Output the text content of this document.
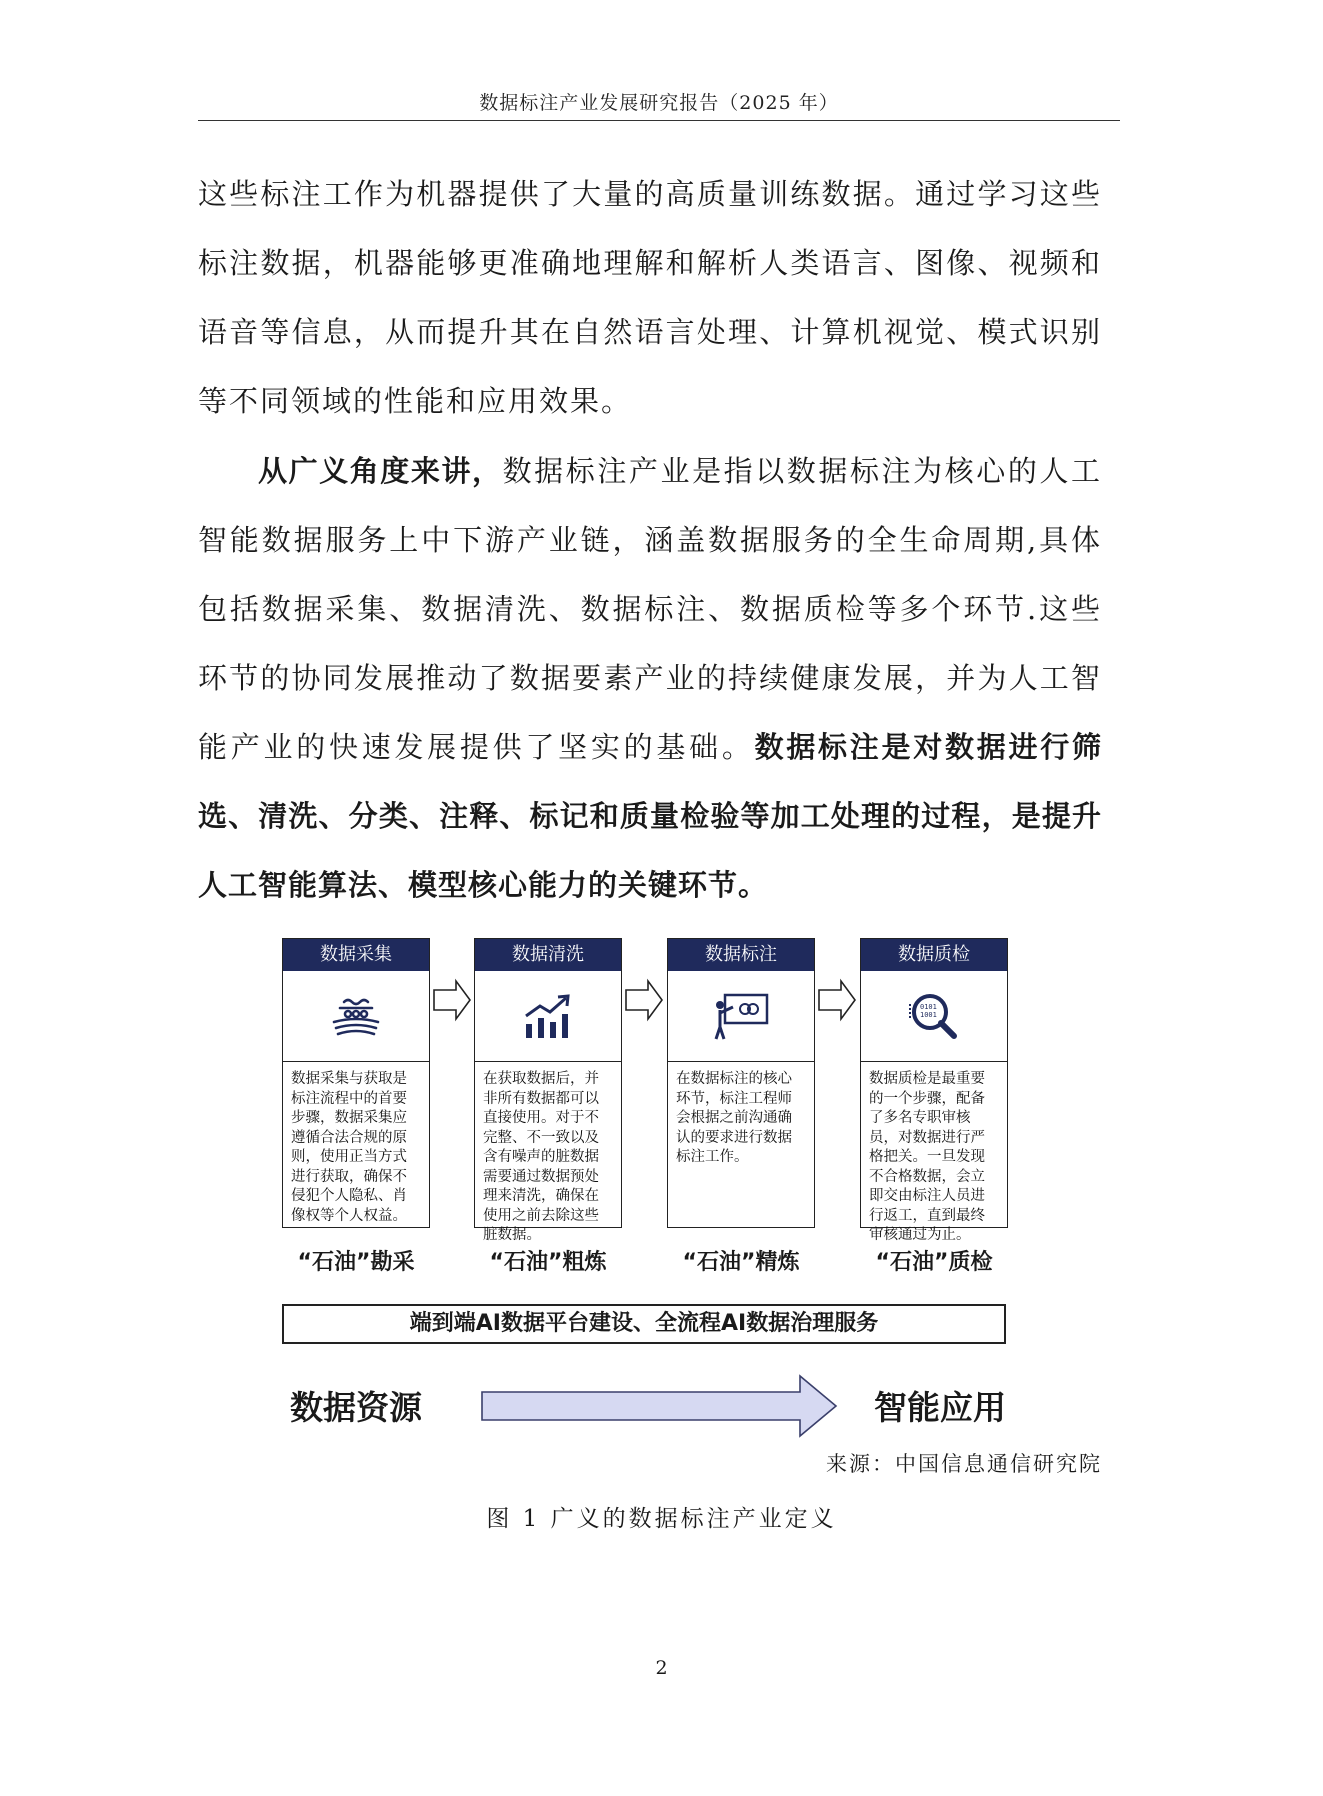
数据标注产业发展研究报告（2025 年）
这些标注工作为机器提供了大量的高质量训练数据。通过学习这些标注数据，机器能够更准确地理解和解析人类语言、图像、视频和语音等信息，从而提升其在自然语言处理、计算机视觉、模式识别等不同领域的性能和应用效果。
从广义角度来讲，数据标注产业是指以数据标注为核心的人工智能数据服务上中下游产业链，涵盖数据服务的全生命周期,具体包括数据采集、数据清洗、数据标注、数据质检等多个环节.这些环节的协同发展推动了数据要素产业的持续健康发展，并为人工智能产业的快速发展提供了坚实的基础。数据标注是对数据进行筛选、清洗、分类、注释、标记和质量检验等加工处理的过程，是提升人工智能算法、模型核心能力的关键环节。
数据采集
数据采集与获取是标注流程中的首要步骤，数据采集应遵循合法合规的原则，使用正当方式进行获取，确保不侵犯个人隐私、肖像权等个人权益。
数据清洗
在获取数据后，并非所有数据都可以直接使用。对于不完整、不一致以及含有噪声的脏数据需要通过数据预处理来清洗，确保在使用之前去除这些脏数据。
数据标注
在数据标注的核心环节，标注工程师会根据之前沟通确认的要求进行数据标注工作。
数据质检
0101
1001
数据质检是最重要的一个步骤，配备了多名专职审核员，对数据进行严格把关。一旦发现不合格数据，会立即交由标注人员进行返工，直到最终审核通过为止。
“石油”勘采	“石油”粗炼	“石油”精炼	“石油”质检
端到端AI数据平台建设、全流程AI数据治理服务
数据资源	智能应用
来源：中国信息通信研究院
图 1 广义的数据标注产业定义
2
